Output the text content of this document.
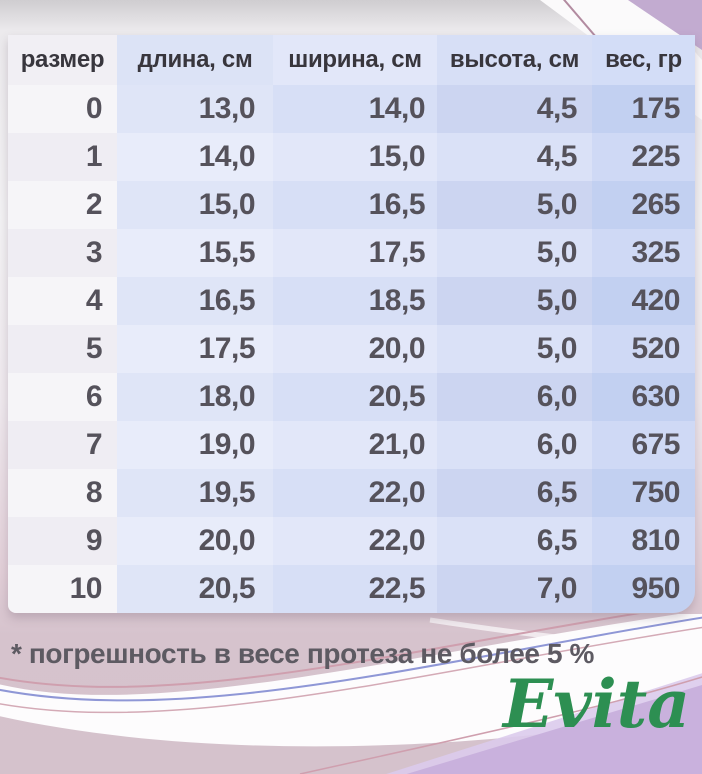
размер	длина, см	ширина, см	высота, см	вес, гр
0	13,0	14,0	4,5	175
1	14,0	15,0	4,5	225
2	15,0	16,5	5,0	265
3	15,5	17,5	5,0	325
4	16,5	18,5	5,0	420
5	17,5	20,0	5,0	520
6	18,0	20,5	6,0	630
7	19,0	21,0	6,0	675
8	19,5	22,0	6,5	750
9	20,0	22,0	6,5	810
10	20,5	22,5	7,0	950
* погрешность в весе протеза не более 5 %
Evita
